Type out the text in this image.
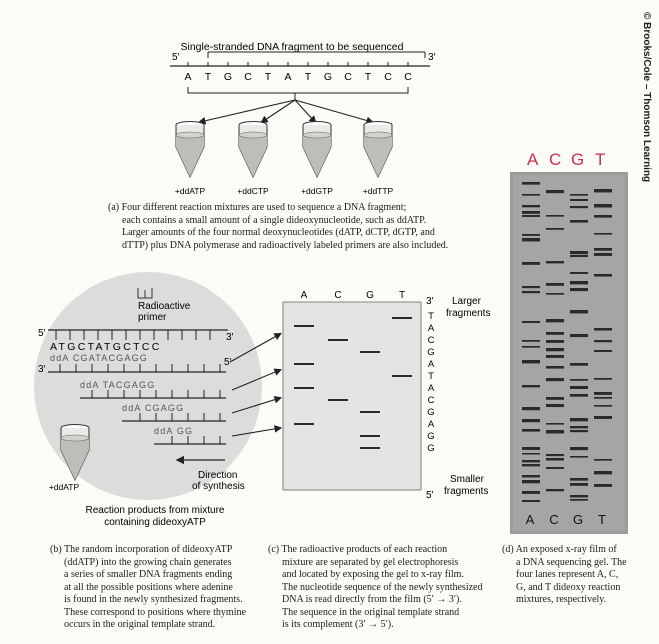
© Brooks/Cole – Thomson Learning
Single-stranded DNA fragment to be sequenced
5′	3′
A T G C T A T G C T C C
+ddATP	+ddCTP	+ddGTP	+ddTTP
(a) Four different reaction mixtures are used to sequence a DNA fragment;
each contains a small amount of a single dideoxynucleotide, such as ddATP.
Larger amounts of the four normal deoxynucleotides (dATP, dCTP, dGTP, and
dTTP) plus DNA polymerase and radioactively labeled primers are also included.
Radioactive
primer
5′	3′
ATGCTATGCTCC
ddA CGATACGAGG
3′
5′
ddA TACGAGG
ddA CGAGG
ddA GG
Direction
of synthesis
+ddATP
Reaction products from mixture
containing dideoxyATP
(b) The random incorporation of dideoxyATP
(ddATP) into the growing chain generates
a series of smaller DNA fragments ending
at all the possible positions where adenine
is found in the newly synthesized fragments.
These correspond to positions where thymine
occurs in the original template strand.
A	C G	T
3′
T
A
C
G
A
T
A
C
G
A
G
G
5′
Larger
fragments
Smaller
fragments
(c) The radioactive products of each reaction
mixture are separated by gel electrophoresis
and located by exposing the gel to x-ray film.
The nucleotide sequence of the newly synthesized
DNA is read directly from the film (5′ → 3′).
The sequence in the original template strand
is its complement (3′ → 5′).
A C G T
A C G T
(d) An exposed x-ray film of
a DNA sequencing gel. The
four lanes represent A, C,
G, and T dideoxy reaction
mixtures, respectively.
